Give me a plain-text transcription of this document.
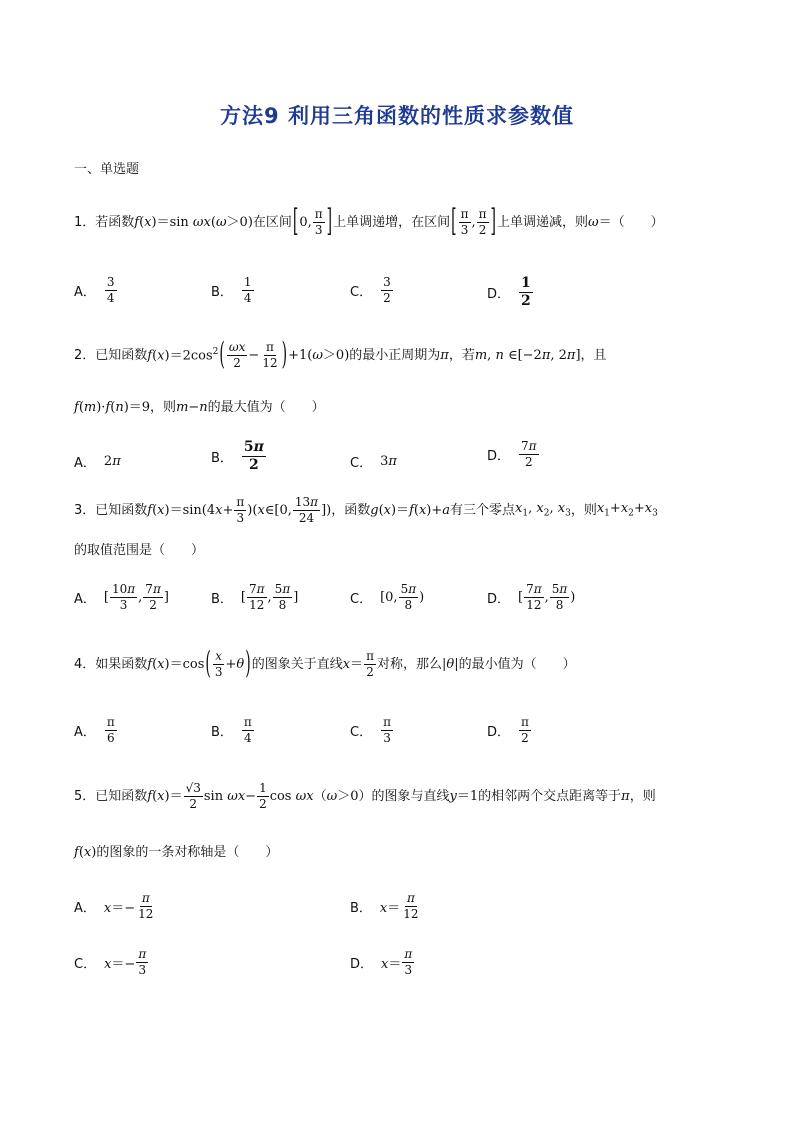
方法9 利用三角函数的性质求参数值
一、单选题
1．若函数 f(x)＝sin ωx(ω＞0) 在区间 [ 0,
π
3 ] 上单调递增，在区间 [ π
3 ,
π
2 ] 上单调递减，则 ω ＝（　　）
A．
3
4	B．
1
4	C．
3
2	D．
1
2
2．已知函数 $f(x)=2\cos^2$ ( ωx
$2 - \frac{\pi}{12}$ ) +1(ω＞0) 的最小正周期为 π ，若 m, n ∈[−2π, 2π] ，且
f(m)·f(n)＝9 ，则 m−n 的最大值为（　　）
A． 2π	B．
5π
2	C． 3π	D．
7π
2
3．已知函数 $f(x)=\sin(4x+ \frac{\pi}{3}$ )(x∈[0,
13π
24 ]) ，函数 g(x)＝f(x)+a 有三个零点 $x_1$, $x_2$, $x_3$ ，则 $x_1+x_2+x_3$
的取值范围是（　　）
A． [
10π
3 ,
7π
2 ]	B． [
7π
12 ,
5π
8 ]	C． [0,
5π
8 )	D． [
7π
12 ,
5π
8 )
4．如果函数 f(x)＝cos ( x
3 +θ ) 的图象关于直线 x＝
π
2 对称，那么 |θ| 的最小值为（　　）
A．
π
6	B．
π
4	C．
π
3	D．
π
2
5．已知函数 f(x)＝
√3
2 $\sin \omega x- \frac{1}{2}$ cos ωx （ ω＞0 ）的图象与直线 y＝1 的相邻两个交点距离等于 π ，则
f(x) 的图象的一条对称轴是（　　）
A． $x=- \frac{\pi}{12}$	B． x＝
π
12
C． $x=- \frac{\pi}{3}$	D． x＝
π
3
